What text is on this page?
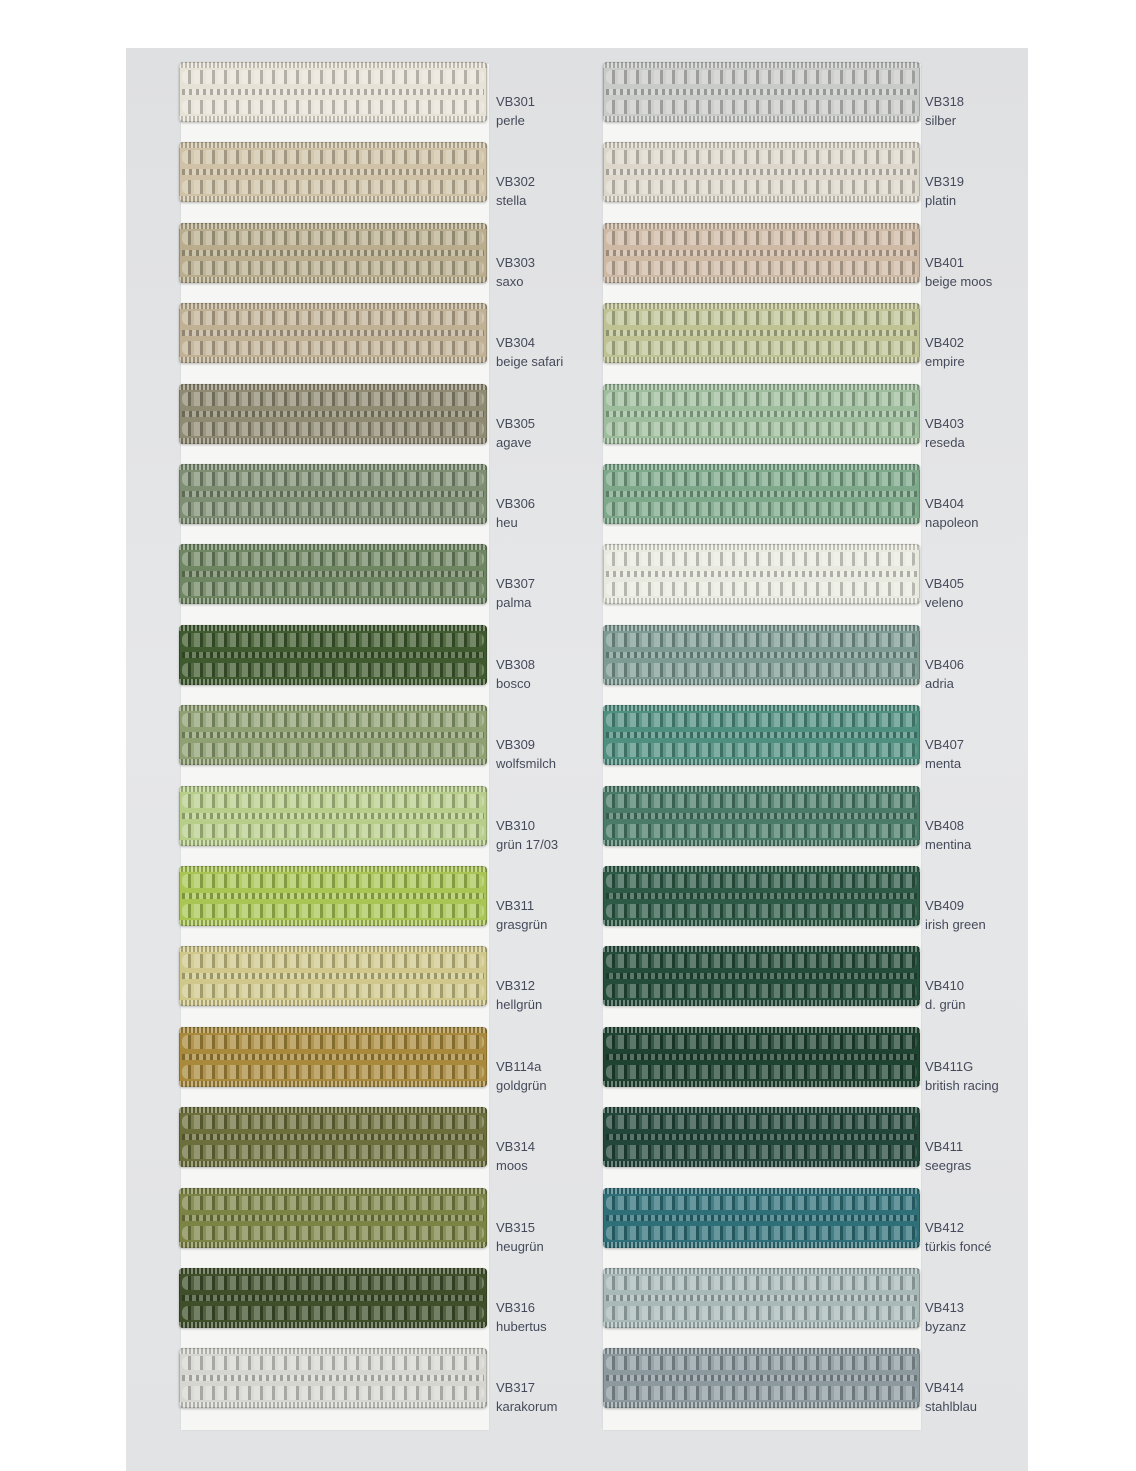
VB301
perle
VB302
stella
VB303
saxo
VB304
beige safari
VB305
agave
VB306
heu
VB307
palma
VB308
bosco
VB309
wolfsmilch
VB310
grün 17/03
VB311
grasgrün
VB312
hellgrün
VB114a
goldgrün
VB314
moos
VB315
heugrün
VB316
hubertus
VB317
karakorum
VB318
silber
VB319
platin
VB401
beige moos
VB402
empire
VB403
reseda
VB404
napoleon
VB405
veleno
VB406
adria
VB407
menta
VB408
mentina
VB409
irish green
VB410
d. grün
VB411G
british racing
VB411
seegras
VB412
türkis foncé
VB413
byzanz
VB414
stahlblau
